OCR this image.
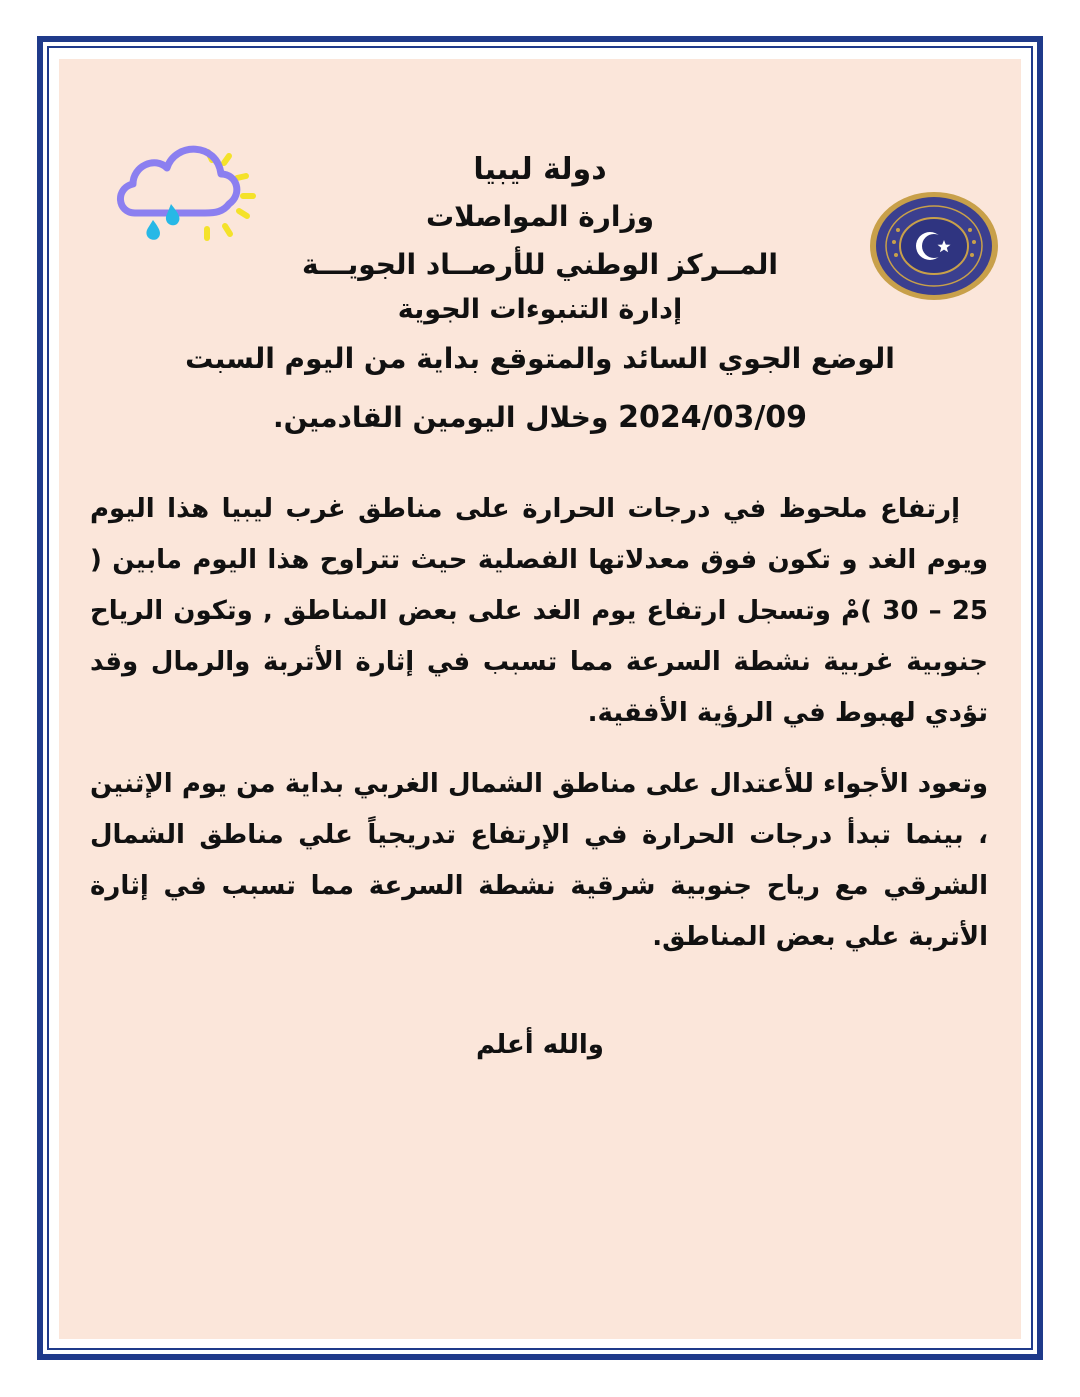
دولة ليبيا
وزارة المواصلات
المــركز الوطني للأرصــاد الجويـــة
إدارة التنبوءات الجوية
الوضع الجوي السائد والمتوقع بداية من اليوم السبت
2024/03/09 وخلال اليومين القادمين.

إرتفاع ملحوظ في درجات الحرارة على مناطق غرب ليبيا هذا اليوم ويوم الغد و تكون فوق معدلاتها الفصلية حيث تتراوح هذا اليوم مابين ( 25 – 30 )مْ وتسجل ارتفاع يوم الغد على بعض المناطق , وتكون الرياح جنوبية غربية نشطة السرعة مما تسبب في إثارة الأتربة والرمال وقد تؤدي لهبوط في الرؤية الأفقية.

وتعود الأجواء للأعتدال على مناطق الشمال الغربي بداية من يوم الإثنين ، بينما تبدأ درجات الحرارة في الإرتفاع تدريجياً علي مناطق الشمال الشرقي مع رياح جنوبية شرقية نشطة السرعة مما تسبب في إثارة الأتربة علي بعض المناطق.

والله أعلم
